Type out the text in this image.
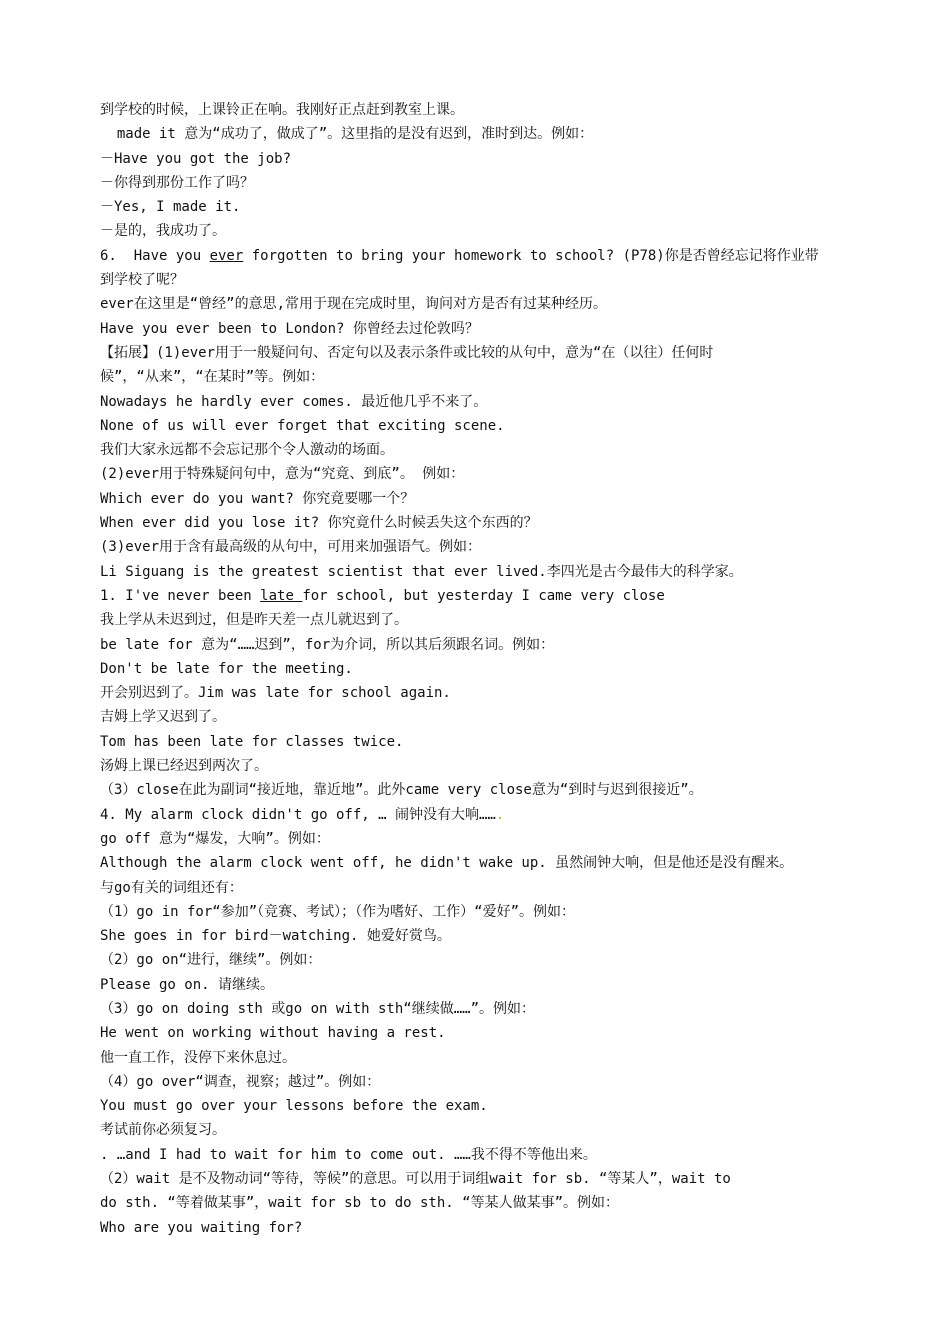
到学校的时候，上课铃正在响。我刚好正点赶到教室上课。
made it 意为“成功了，做成了”。这里指的是没有迟到，准时到达。例如：
－Have you got the job?
－你得到那份工作了吗？
－Yes, I made it.
－是的，我成功了。
6.  Have you ever forgotten to bring your homework to school? (P78)你是否曾经忘记将作业带
到学校了呢？
ever在这里是“曾经”的意思,常用于现在完成时里，询问对方是否有过某种经历。
Have you ever been to London? 你曾经去过伦敦吗？
【拓展】(1)ever用于一般疑问句、否定句以及表示条件或比较的从句中，意为“在（以往）任何时
候”，“从来”，“在某时”等。例如：
Nowadays he hardly ever comes. 最近他几乎不来了。
None of us will ever forget that exciting scene.
我们大家永远都不会忘记那个令人激动的场面。
(2)ever用于特殊疑问句中，意为“究竟、到底”。 例如：
Which ever do you want? 你究竟要哪一个？
When ever did you lose it? 你究竟什么时候丢失这个东西的？
(3)ever用于含有最高级的从句中，可用来加强语气。例如：
Li Siguang is the greatest scientist that ever lived.李四光是古今最伟大的科学家。
1. I've never been late for school, but yesterday I came very close
我上学从未迟到过，但是昨天差一点儿就迟到了。
be late for 意为“……迟到”，for为介词，所以其后须跟名词。例如：
Don't be late for the meeting.
开会别迟到了。Jim was late for school again.
吉姆上学又迟到了。
Tom has been late for classes twice.
汤姆上课已经迟到两次了。
（3）close在此为副词“接近地，靠近地”。此外came very close意为“到时与迟到很接近”。
4. My alarm clock didn't go off, … 闹钟没有大响…….
go off 意为“爆发，大响”。例如：
Although the alarm clock went off, he didn't wake up. 虽然闹钟大响，但是他还是没有醒来。
与go有关的词组还有：
（1）go in for“参加”（竞赛、考试）；（作为嗜好、工作）“爱好”。例如：
She goes in for bird－watching. 她爱好赏鸟。
（2）go on“进行，继续”。例如：
Please go on. 请继续。
（3）go on doing sth 或go on with sth“继续做……”。例如：
He went on working without having a rest.
他一直工作，没停下来休息过。
（4）go over“调查，视察；越过”。例如：
You must go over your lessons before the exam.
考试前你必须复习。
. …and I had to wait for him to come out. ……我不得不等他出来。
（2）wait 是不及物动词“等待，等候”的意思。可以用于词组wait for sb. “等某人”，wait to
do sth. “等着做某事”，wait for sb to do sth. “等某人做某事”。例如：
Who are you waiting for?
